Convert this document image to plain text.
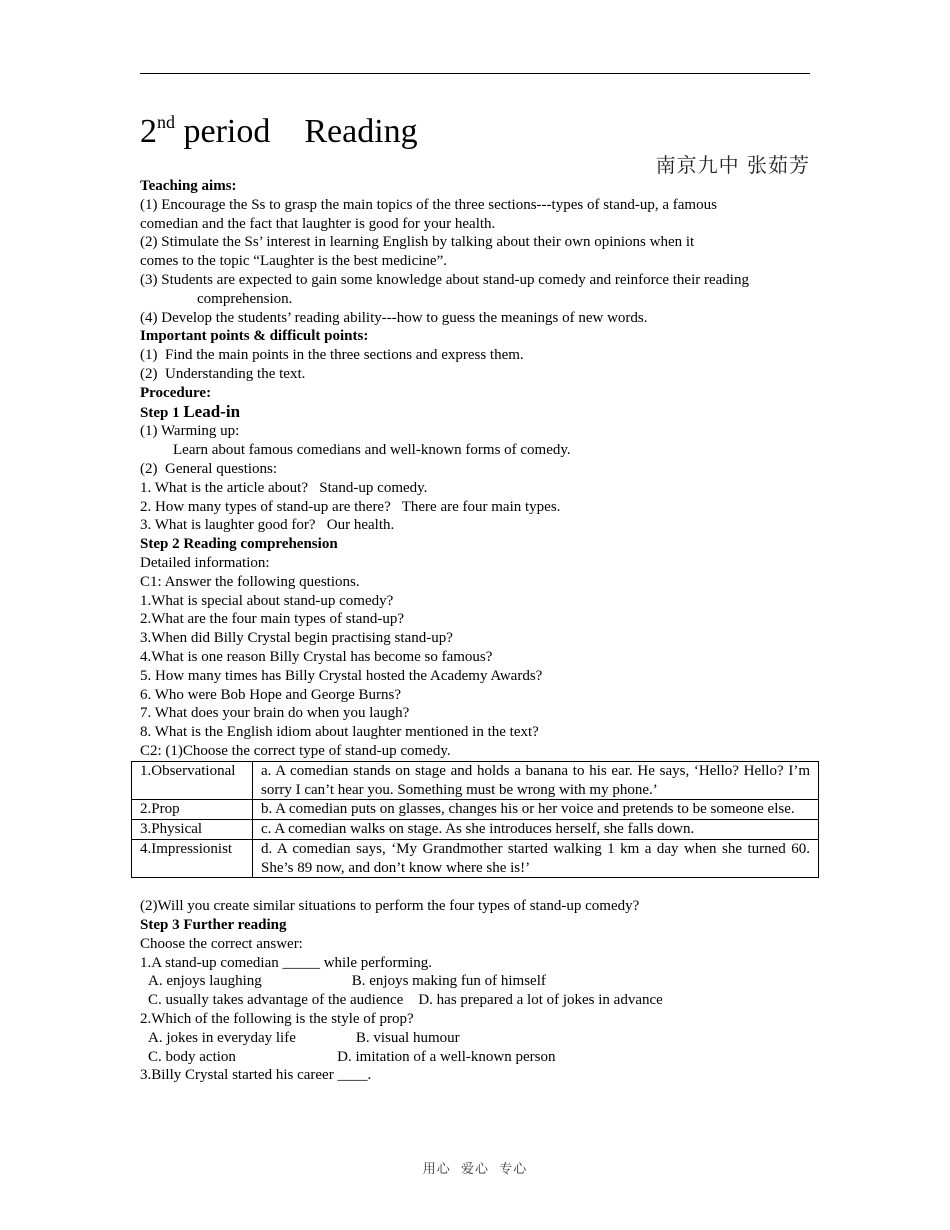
2nd period    Reading
南京九中 张茹芳
Teaching aims:
(1) Encourage the Ss to grasp the main topics of the three sections---types of stand-up, a famous
comedian and the fact that laughter is good for your health.
(2) Stimulate the Ss’ interest in learning English by talking about their own opinions when it
comes to the topic “Laughter is the best medicine”.
(3) Students are expected to gain some knowledge about stand-up comedy and reinforce their reading
comprehension.
(4) Develop the students’ reading ability---how to guess the meanings of new words.
Important points & difficult points:
(1)  Find the main points in the three sections and express them.
(2)  Understanding the text.
Procedure:
Step 1 Lead-in
(1) Warming up:
Learn about famous comedians and well-known forms of comedy.
(2)  General questions:
1. What is the article about?   Stand-up comedy.
2. How many types of stand-up are there?   There are four main types.
3. What is laughter good for?   Our health.
Step 2 Reading comprehension
Detailed information:
C1: Answer the following questions.
1.What is special about stand-up comedy?
2.What are the four main types of stand-up?
3.When did Billy Crystal begin practising stand-up?
4.What is one reason Billy Crystal has become so famous?
5. How many times has Billy Crystal hosted the Academy Awards?
6. Who were Bob Hope and George Burns?
7. What does your brain do when you laugh?
8. What is the English idiom about laughter mentioned in the text?
C2: (1)Choose the correct type of stand-up comedy.
1.Observational	a. A comedian stands on stage and holds a banana to his ear. He says, ‘Hello? Hello? I’m sorry I can’t hear you. Something must be wrong with my phone.’
2.Prop	b. A comedian puts on glasses, changes his or her voice and pretends to be someone else.
3.Physical	c. A comedian walks on stage. As she introduces herself, she falls down.
4.Impressionist	d. A comedian says, ‘My Grandmother started walking 1 km a day when she turned 60. She’s 89 now, and don’t know where she is!’
(2)Will you create similar situations to perform the four types of stand-up comedy?
Step 3 Further reading
Choose the correct answer:
1.A stand-up comedian _____ while performing.
A. enjoys laughing                        B. enjoys making fun of himself
C. usually takes advantage of the audience    D. has prepared a lot of jokes in advance
2.Which of the following is the style of prop?
A. jokes in everyday life                B. visual humour
C. body action                           D. imitation of a well-known person
3.Billy Crystal started his career ____.
用心  爱心  专心
